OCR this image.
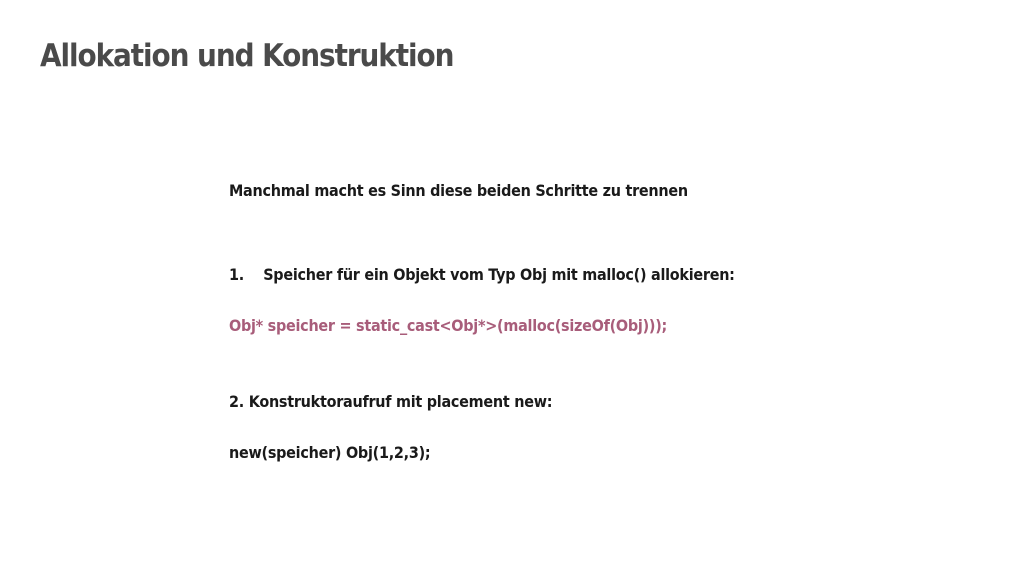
Allokation und Konstruktion

Manchmal macht es Sinn diese beiden Schritte zu trennen

1. Speicher für ein Objekt vom Typ Obj mit malloc() allokieren:

Obj* speicher = static_cast<Obj*>(malloc(sizeOf(Obj)));

2. Konstruktoraufruf mit placement new:

new(speicher) Obj(1,2,3);
